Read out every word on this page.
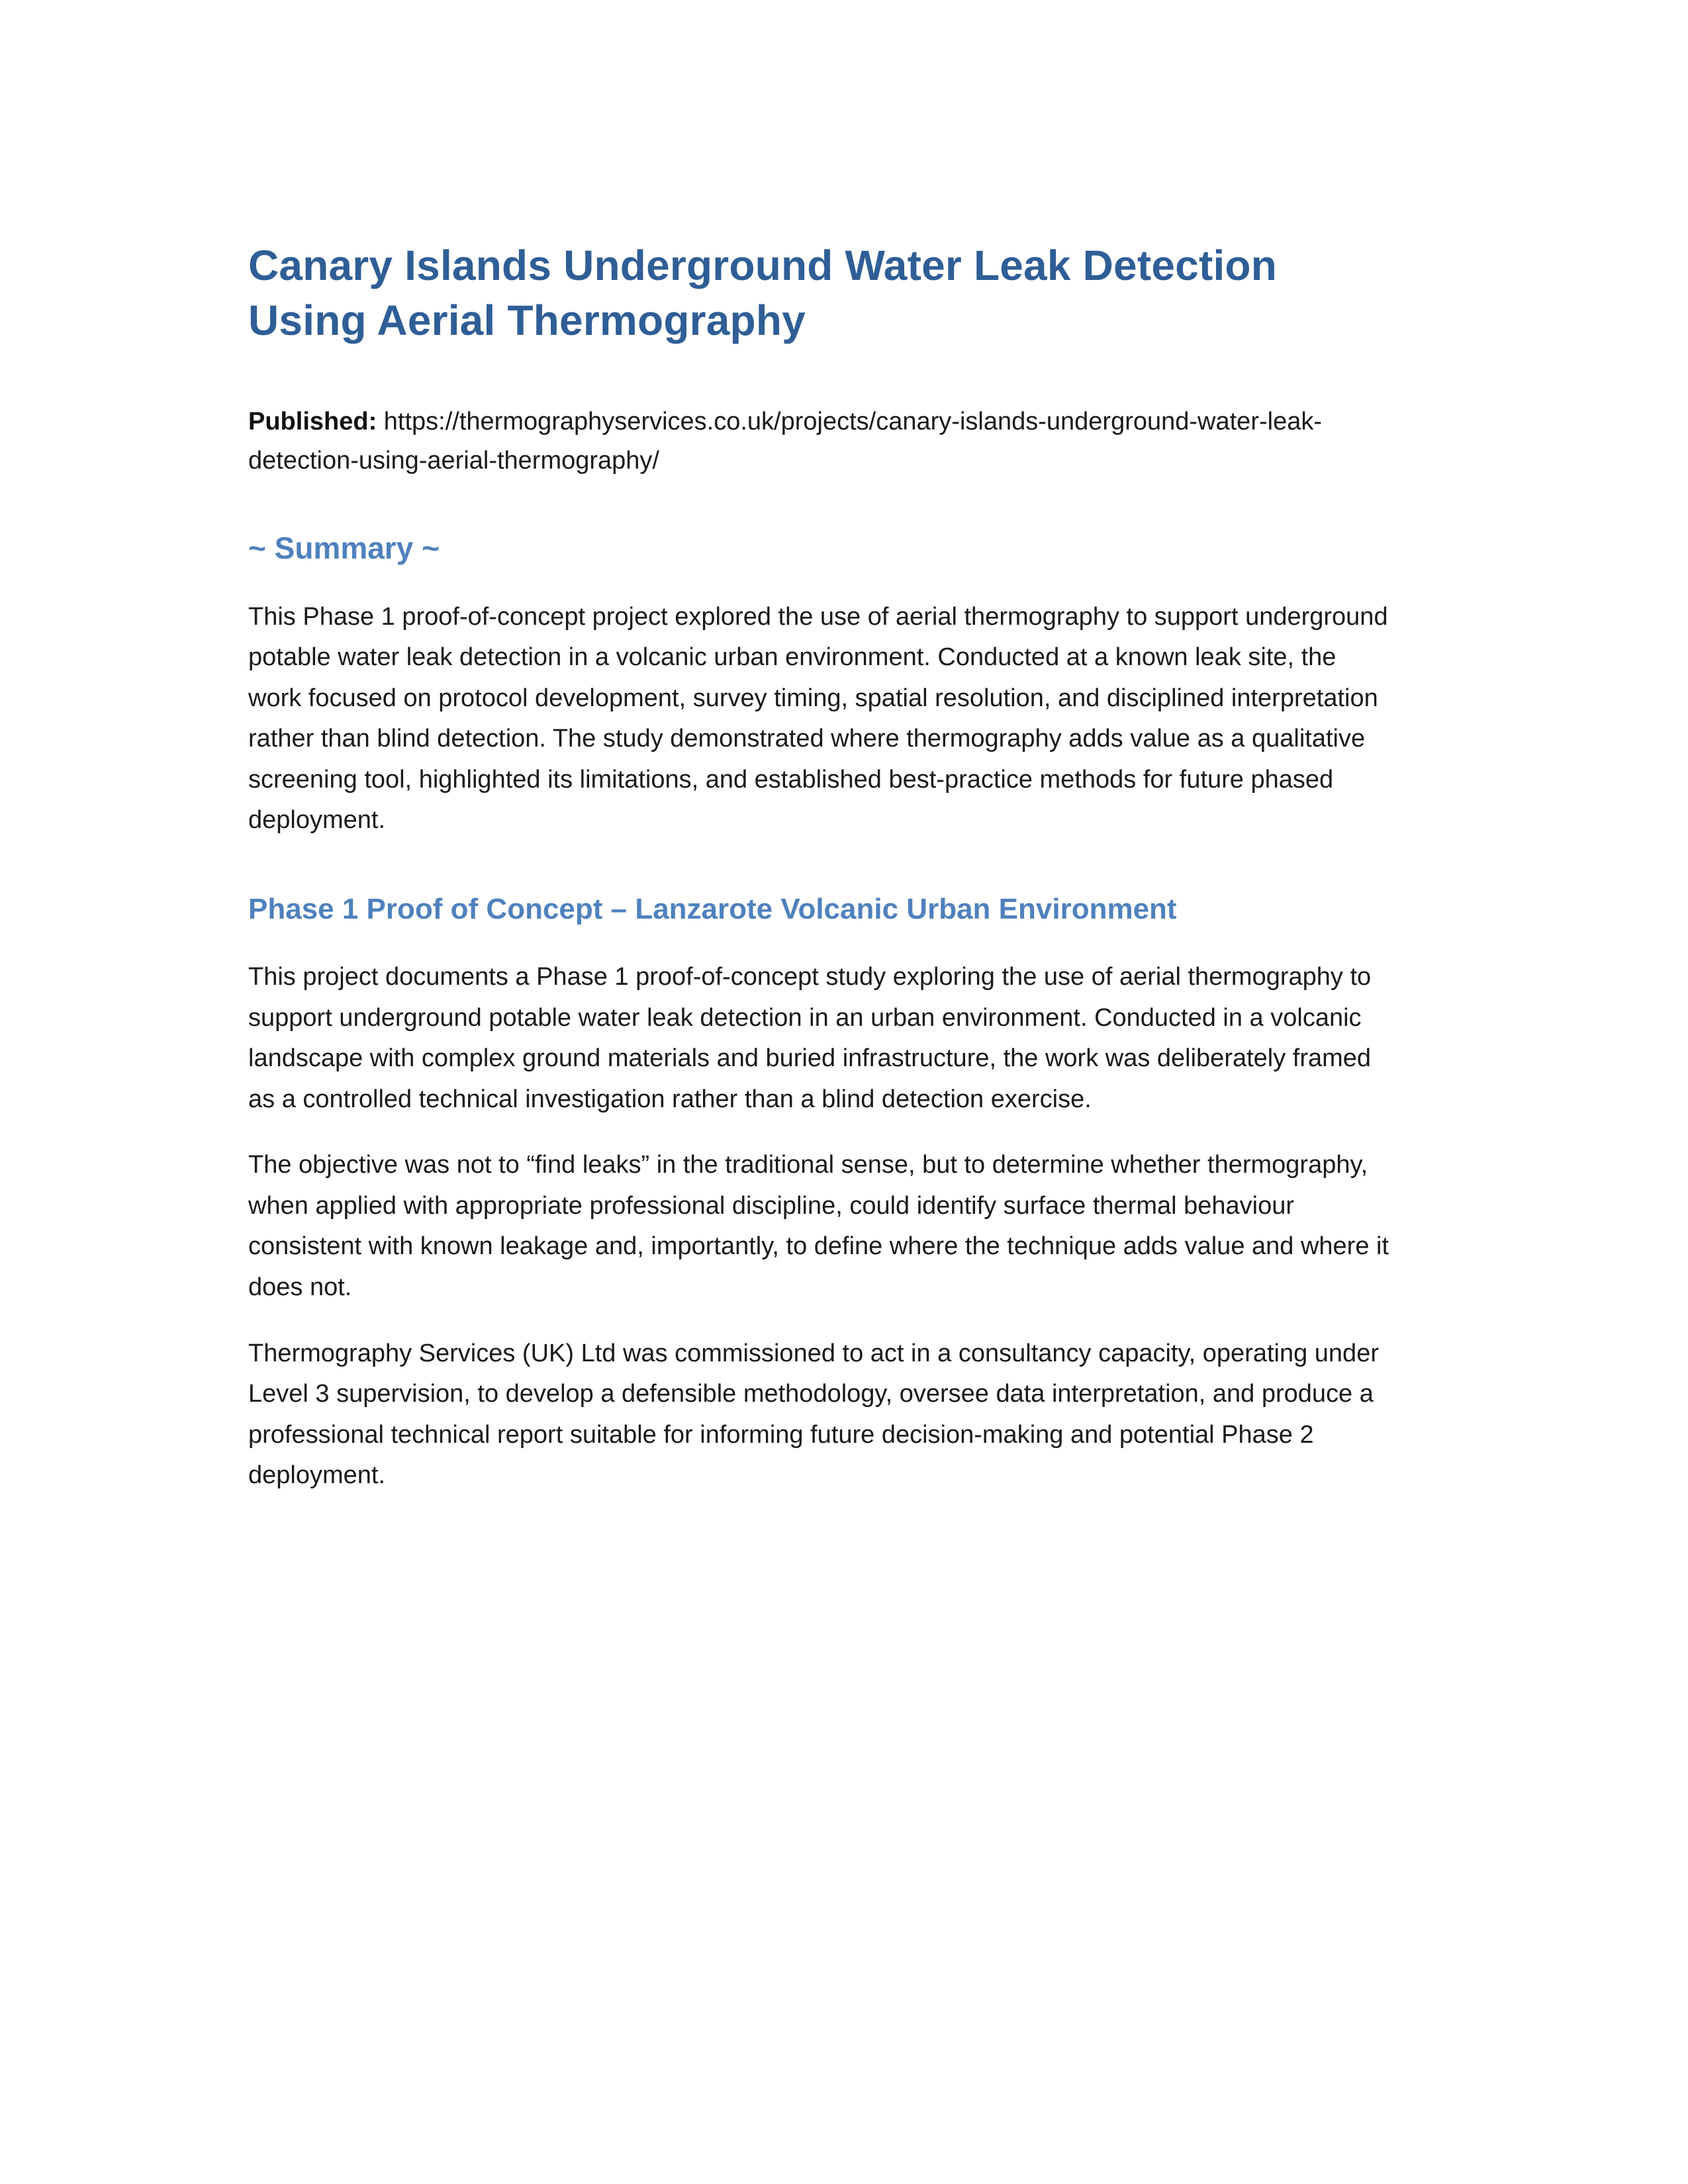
Canary Islands Underground Water Leak Detection Using Aerial Thermography

Published: https://thermographyservices.co.uk/projects/canary-islands-underground-water-leak-detection-using-aerial-thermography/

~ Summary ~

This Phase 1 proof-of-concept project explored the use of aerial thermography to support underground potable water leak detection in a volcanic urban environment. Conducted at a known leak site, the work focused on protocol development, survey timing, spatial resolution, and disciplined interpretation rather than blind detection. The study demonstrated where thermography adds value as a qualitative screening tool, highlighted its limitations, and established best-practice methods for future phased deployment.

Phase 1 Proof of Concept – Lanzarote Volcanic Urban Environment

This project documents a Phase 1 proof-of-concept study exploring the use of aerial thermography to support underground potable water leak detection in an urban environment. Conducted in a volcanic landscape with complex ground materials and buried infrastructure, the work was deliberately framed as a controlled technical investigation rather than a blind detection exercise.

The objective was not to “find leaks” in the traditional sense, but to determine whether thermography, when applied with appropriate professional discipline, could identify surface thermal behaviour consistent with known leakage and, importantly, to define where the technique adds value and where it does not.

Thermography Services (UK) Ltd was commissioned to act in a consultancy capacity, operating under Level 3 supervision, to develop a defensible methodology, oversee data interpretation, and produce a professional technical report suitable for informing future decision-making and potential Phase 2 deployment.
